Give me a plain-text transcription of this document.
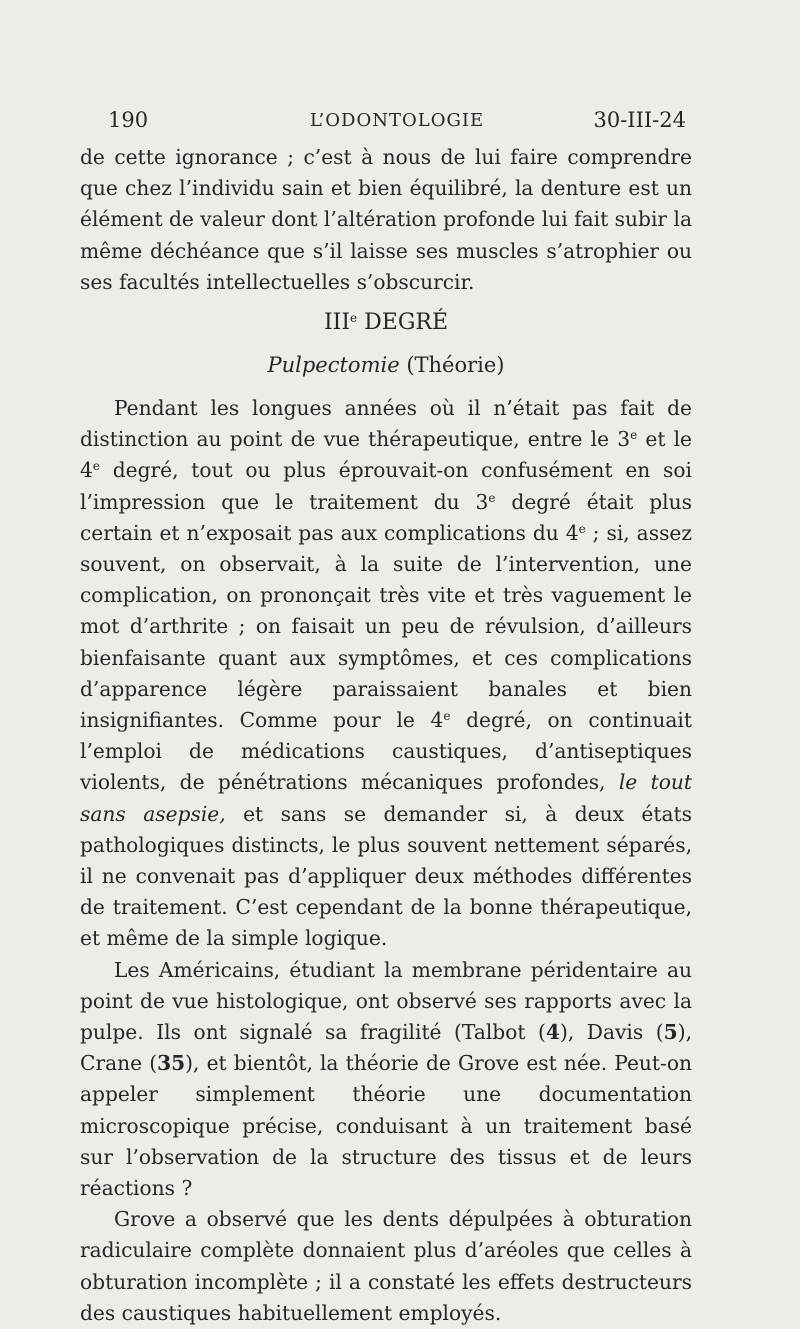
190	L’ODONTOLOGIE	30-III-24

de cette ignorance ; c’est à nous de lui faire comprendre que chez l’individu sain et bien équilibré, la denture est un élément de valeur dont l’altération profonde lui fait subir la même déchéance que s’il laisse ses muscles s’atrophier ou ses facultés intellectuelles s’obscurcir.

IIIe DEGRÉ
Pulpectomie (Théorie)

Pendant les longues années où il n’était pas fait de distinction au point de vue thérapeutique, entre le 3e et le 4e degré, tout ou plus éprouvait-on confusément en soi l’impression que le traitement du 3e degré était plus certain et n’exposait pas aux complications du 4e ; si, assez souvent, on observait, à la suite de l’intervention, une complication, on prononçait très vite et très vaguement le mot d’arthrite ; on faisait un peu de révulsion, d’ailleurs bienfaisante quant aux symptômes, et ces complications d’apparence légère paraissaient banales et bien insignifiantes. Comme pour le 4e degré, on continuait l’emploi de médications caustiques, d’antiseptiques violents, de pénétrations mécaniques profondes, le tout sans asepsie, et sans se demander si, à deux états pathologiques distincts, le plus souvent nettement séparés, il ne convenait pas d’appliquer deux méthodes différentes de traitement. C’est cependant de la bonne thérapeutique, et même de la simple logique.

Les Américains, étudiant la membrane péridentaire au point de vue histologique, ont observé ses rapports avec la pulpe. Ils ont signalé sa fragilité (Talbot (4), Davis (5), Crane (35), et bientôt, la théorie de Grove est née. Peut-on appeler simplement théorie une documentation microscopique précise, conduisant à un traitement basé sur l’observation de la structure des tissus et de leurs réactions ?

Grove a observé que les dents dépulpées à obturation radiculaire complète donnaient plus d’aréoles que celles à obturation incomplète ; il a constaté les effets destructeurs des caustiques habituellement employés.
